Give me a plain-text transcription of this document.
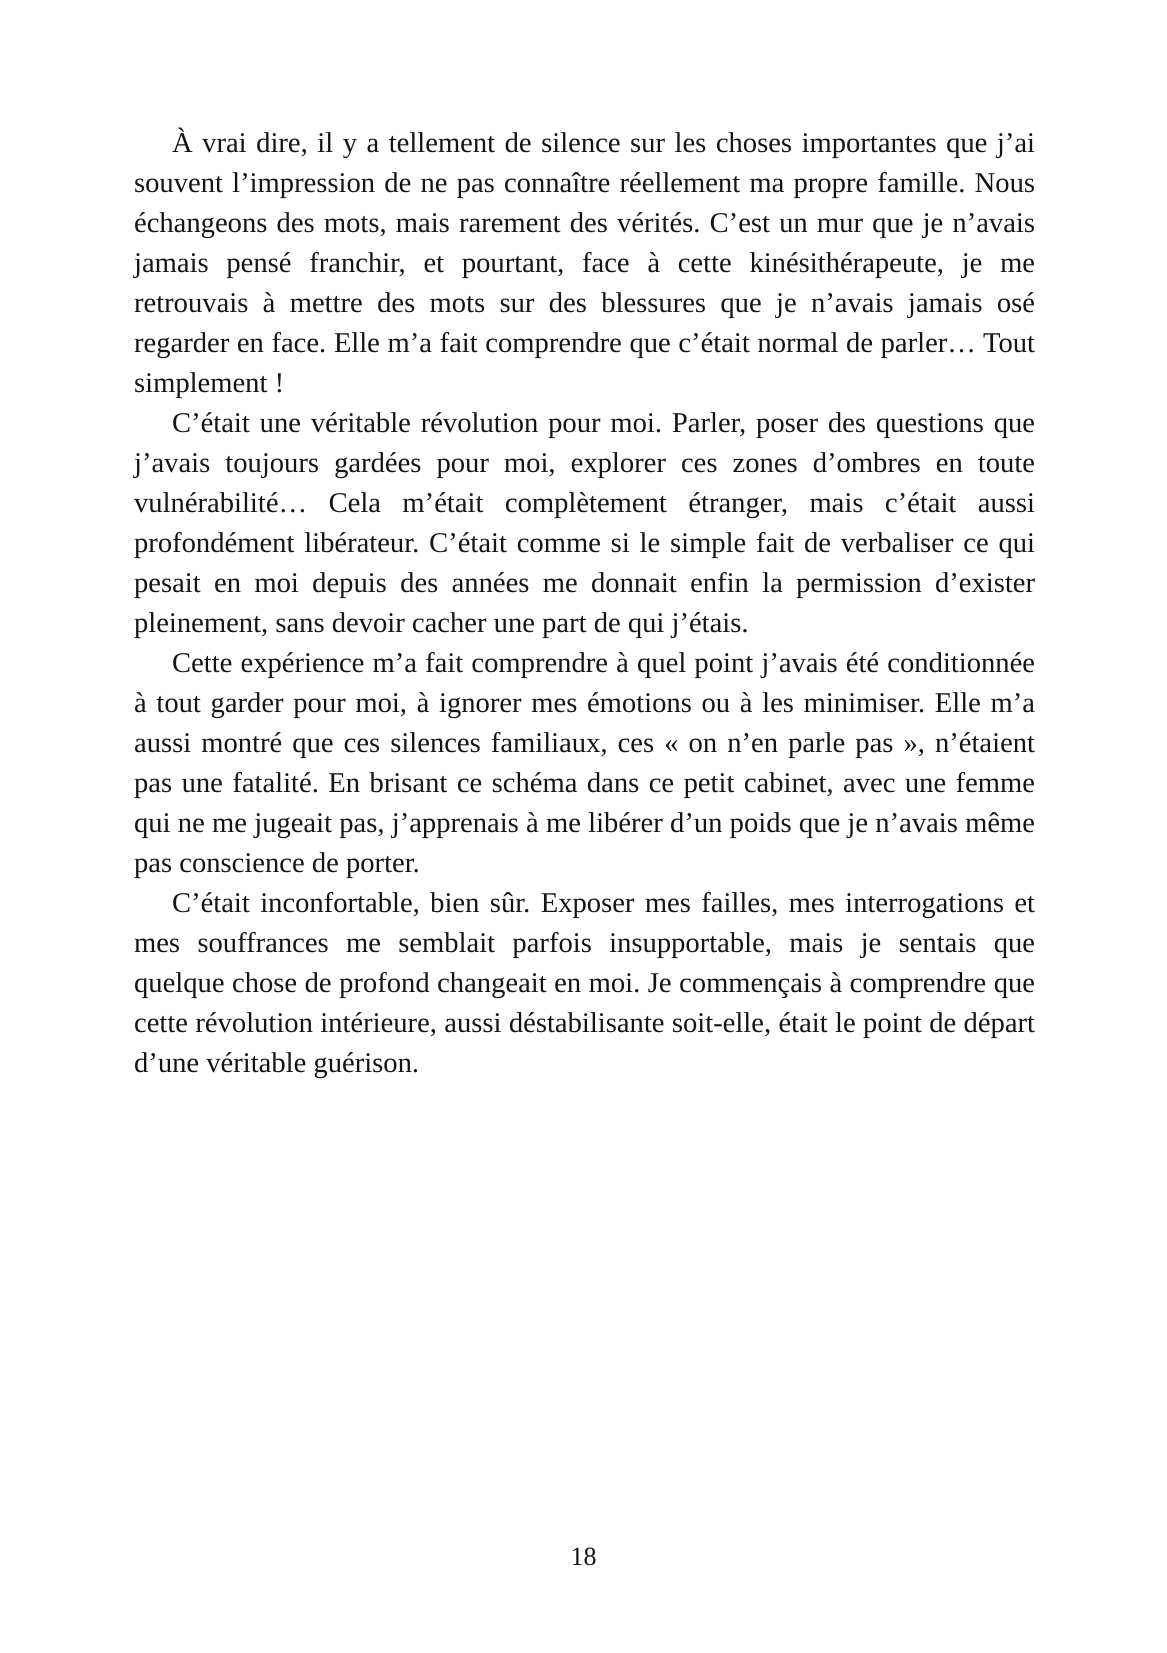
À vrai dire, il y a tellement de silence sur les choses importantes que j’ai souvent l’impression de ne pas connaître réellement ma propre famille. Nous échangeons des mots, mais rarement des vérités. C’est un mur que je n’avais jamais pensé franchir, et pourtant, face à cette kinésithérapeute, je me retrouvais à mettre des mots sur des blessures que je n’avais jamais osé regarder en face. Elle m’a fait comprendre que c’était normal de parler… Tout simplement !

C’était une véritable révolution pour moi. Parler, poser des questions que j’avais toujours gardées pour moi, explorer ces zones d’ombres en toute vulnérabilité… Cela m’était complètement étranger, mais c’était aussi profondément libérateur. C’était comme si le simple fait de verbaliser ce qui pesait en moi depuis des années me donnait enfin la permission d’exister pleinement, sans devoir cacher une part de qui j’étais.

Cette expérience m’a fait comprendre à quel point j’avais été conditionnée à tout garder pour moi, à ignorer mes émotions ou à les minimiser. Elle m’a aussi montré que ces silences familiaux, ces « on n’en parle pas », n’étaient pas une fatalité. En brisant ce schéma dans ce petit cabinet, avec une femme qui ne me jugeait pas, j’apprenais à me libérer d’un poids que je n’avais même pas conscience de porter.

C’était inconfortable, bien sûr. Exposer mes failles, mes interrogations et mes souffrances me semblait parfois insupportable, mais je sentais que quelque chose de profond changeait en moi. Je commençais à comprendre que cette révolution intérieure, aussi déstabilisante soit-elle, était le point de départ d’une véritable guérison.

18
